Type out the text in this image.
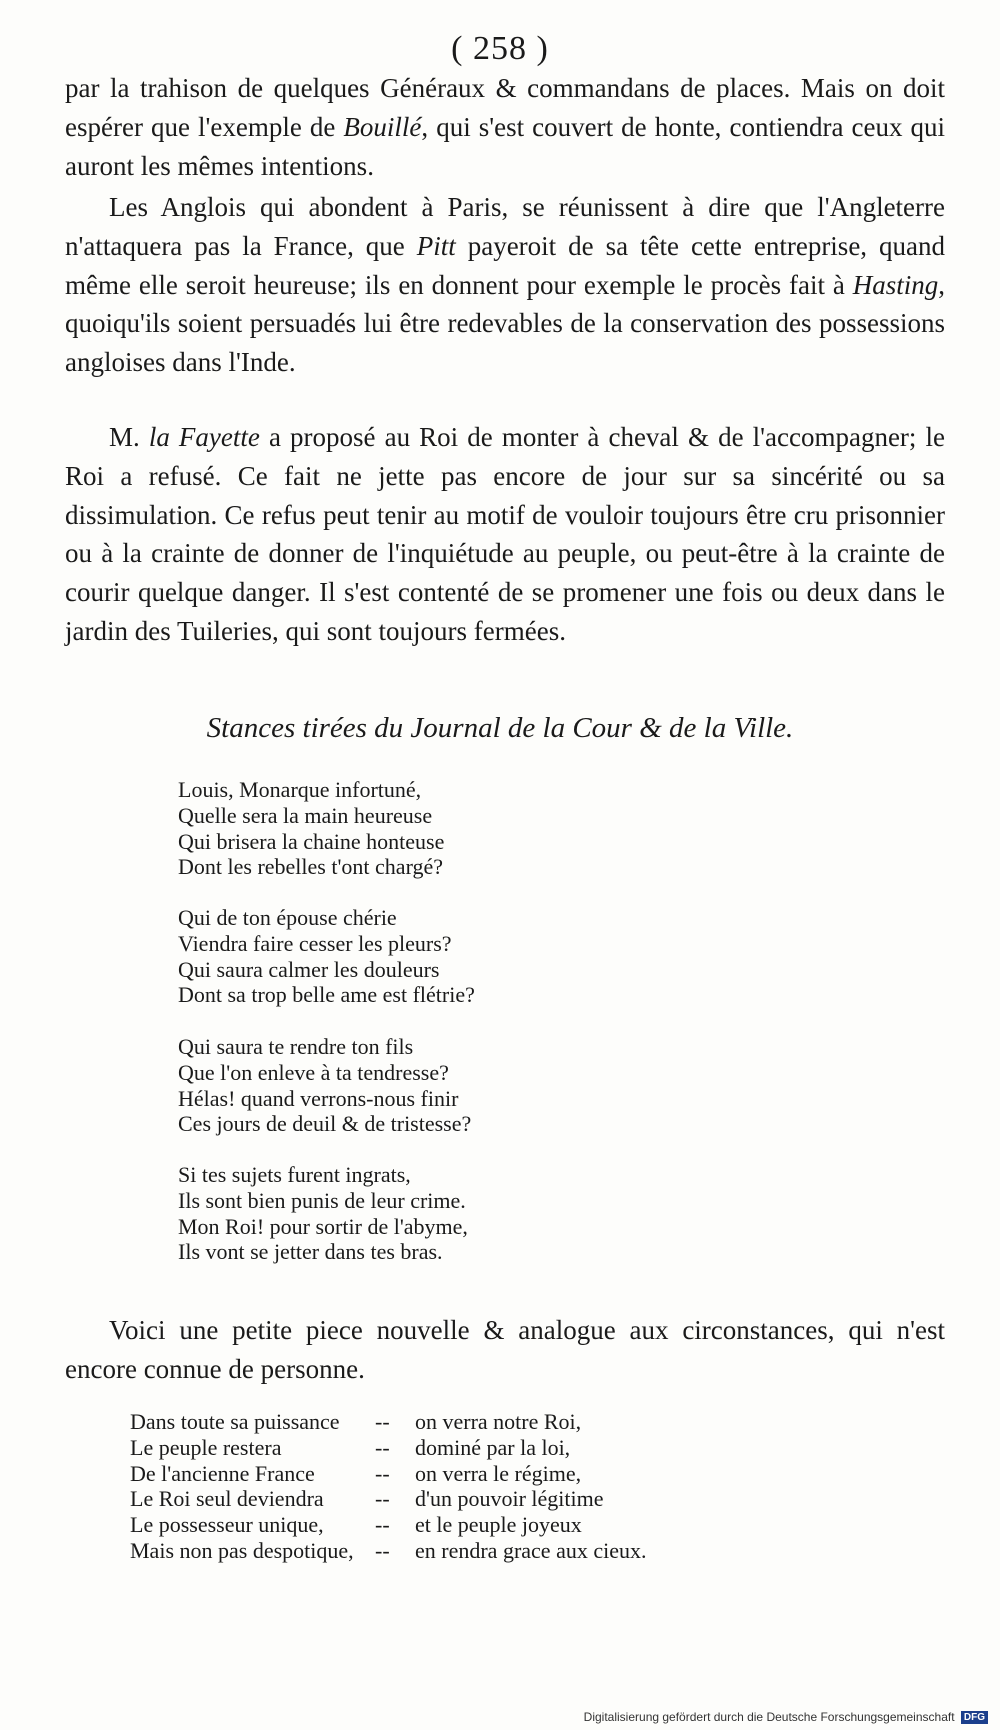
( 258 )

par la trahison de quelques Généraux & commandans de places. Mais on doit espérer que l'exemple de Bouillé, qui s'est couvert de honte, contiendra ceux qui auront les mêmes intentions.

Les Anglois qui abondent à Paris, se réunissent à dire que l'Angleterre n'attaquera pas la France, que Pitt payeroit de sa tête cette entreprise, quand même elle seroit heureuse; ils en donnent pour exemple le procès fait à Hasting, quoiqu'ils soient persuadés lui être redevables de la conservation des possessions angloises dans l'Inde.

M. la Fayette a proposé au Roi de monter à cheval & de l'accompagner; le Roi a refusé. Ce fait ne jette pas encore de jour sur sa sincérité ou sa dissimulation. Ce refus peut tenir au motif de vouloir toujours être cru prisonnier ou à la crainte de donner de l'inquiétude au peuple, ou peut-être à la crainte de courir quelque danger. Il s'est contenté de se promener une fois ou deux dans le jardin des Tuileries, qui sont toujours fermées.

Stances tirées du Journal de la Cour & de la Ville.
Louis, Monarque infortuné,
Quelle sera la main heureuse
Qui brisera la chaine honteuse
Dont les rebelles t'ont chargé?
Qui de ton épouse chérie
Viendra faire cesser les pleurs?
Qui saura calmer les douleurs
Dont sa trop belle ame est flétrie?
Qui saura te rendre ton fils
Que l'on enleve à ta tendresse?
Hélas! quand verrons-nous finir
Ces jours de deuil & de tristesse?
Si tes sujets furent ingrats,
Ils sont bien punis de leur crime.
Mon Roi! pour sortir de l'abyme,
Ils vont se jetter dans tes bras.

Voici une petite piece nouvelle & analogue aux circonstances, qui n'est encore connue de personne.

Dans toute sa puissance	--	on verra notre Roi,
Le peuple restera	--	dominé par la loi,
De l'ancienne France	--	on verra le régime,
Le Roi seul deviendra	--	d'un pouvoir légitime
Le possesseur unique,	--	et le peuple joyeux
Mais non pas despotique,	--	en rendra grace aux cieux.
Digitalisierung gefördert durch die Deutsche Forschungsgemeinschaft DFG
